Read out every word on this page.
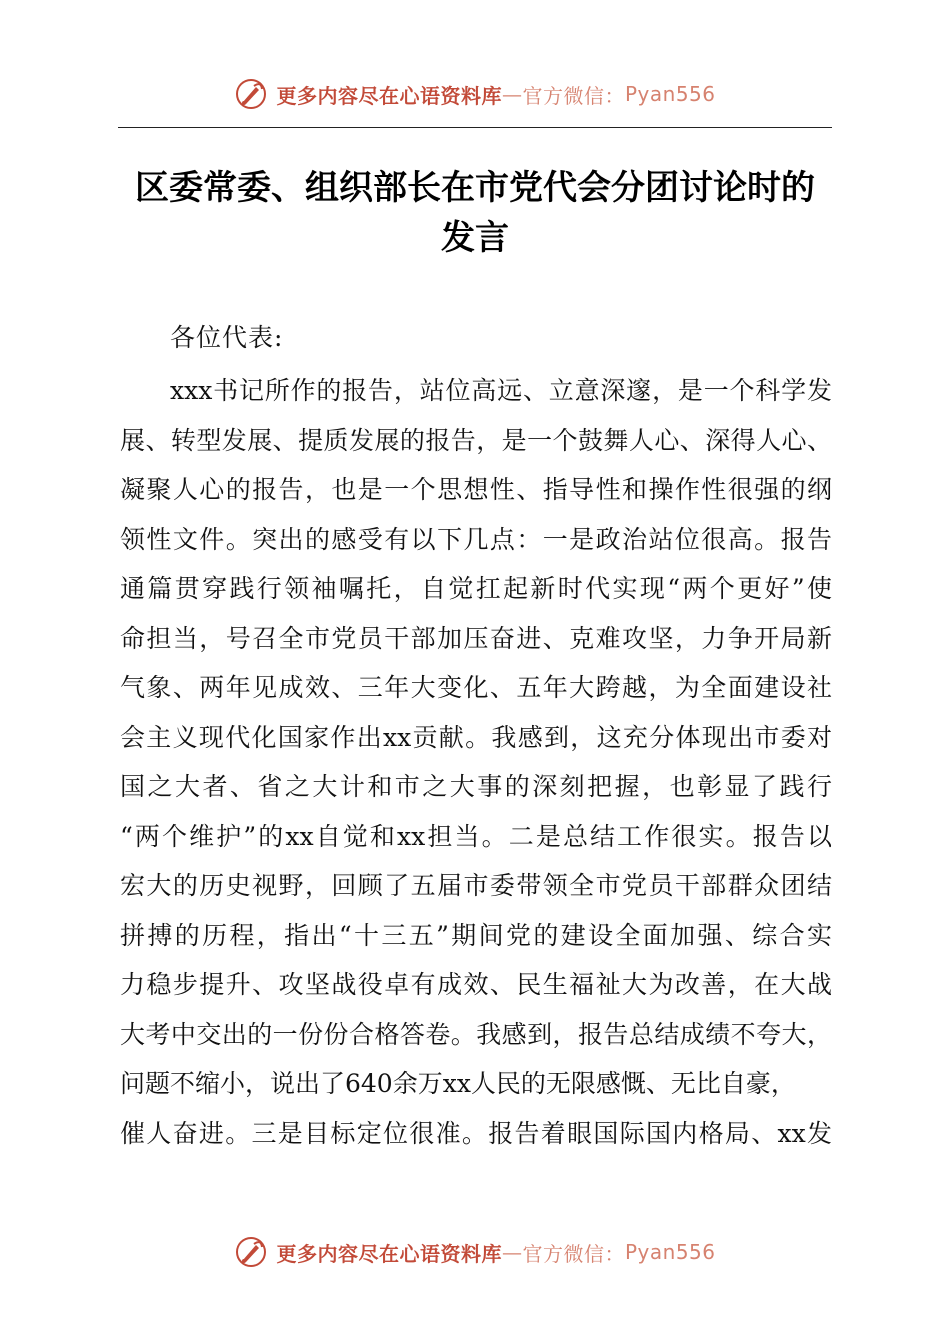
更多内容尽在心语资料库 — 官方微信： Pyan556
区委常委、组织部长在市党代会分团讨论时的
发言

各位代表:

xxx书记所作的报告，站位高远、立意深邃，是一个科学发
展、转型发展、提质发展的报告，是一个鼓舞人心、深得人心、
凝聚人心的报告，也是一个思想性、指导性和操作性很强的纲
领性文件。突出的感受有以下几点：一是政治站位很高。报告
通篇贯穿践行领袖嘱托，自觉扛起新时代实现“两个更好”使
命担当，号召全市党员干部加压奋进、克难攻坚，力争开局新
气象、两年见成效、三年大变化、五年大跨越，为全面建设社
会主义现代化国家作出xx贡献。我感到，这充分体现出市委对
国之大者、省之大计和市之大事的深刻把握，也彰显了践行
“两个维护”的xx自觉和xx担当。二是总结工作很实。报告以
宏大的历史视野，回顾了五届市委带领全市党员干部群众团结
拼搏的历程，指出“十三五”期间党的建设全面加强、综合实
力稳步提升、攻坚战役卓有成效、民生福祉大为改善，在大战
大考中交出的一份份合格答卷。我感到，报告总结成绩不夸大，
问题不缩小，说出了640余万xx人民的无限感慨、无比自豪，
催人奋进。三是目标定位很准。报告着眼国际国内格局、xx发
更多内容尽在心语资料库 — 官方微信： Pyan556
